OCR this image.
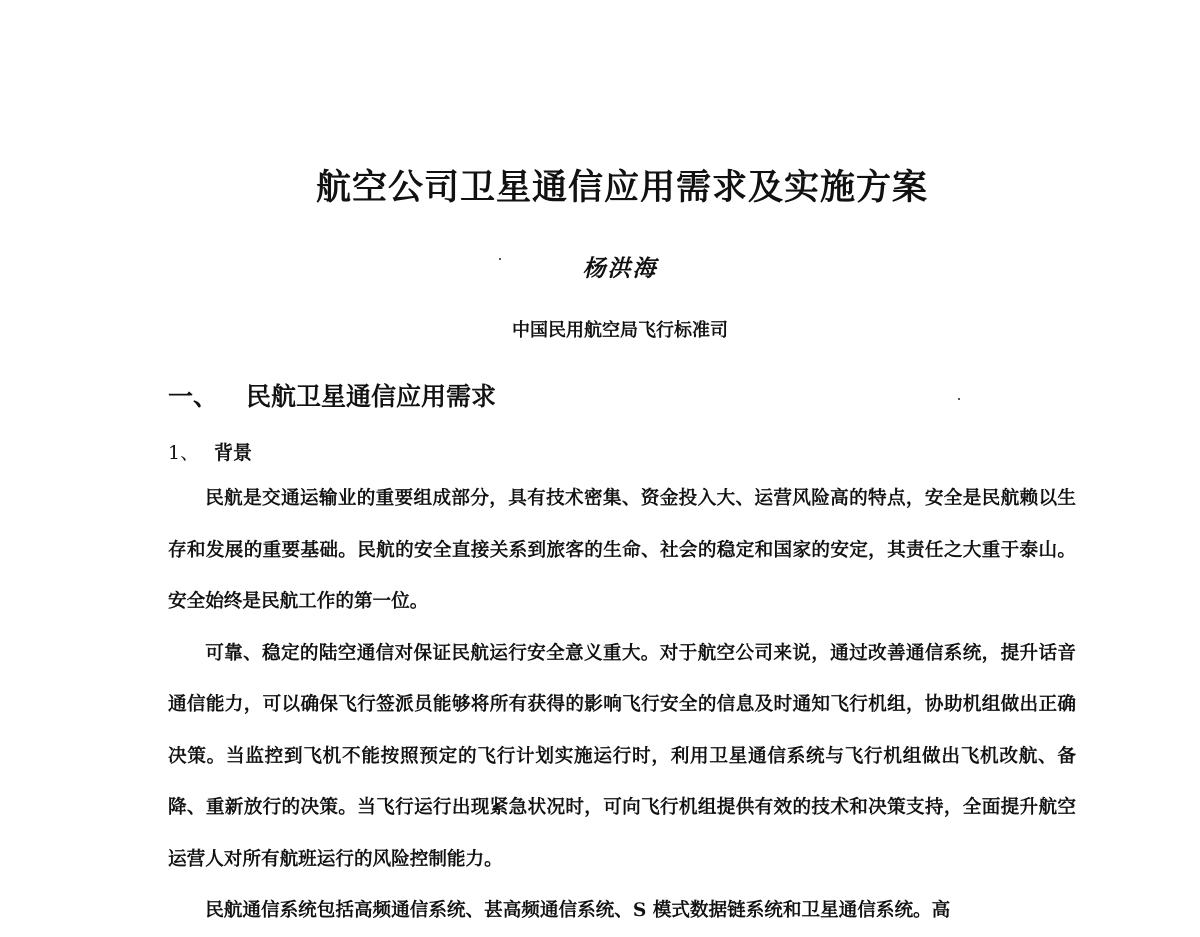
航空公司卫星通信应用需求及实施方案
杨洪海
中国民用航空局飞行标准司
一、 民航卫星通信应用需求
1、 背景

民航是交通运输业的重要组成部分，具有技术密集、资金投入大、运营风险高的特点，安全是民航赖以生存和发展的重要基础。民航的安全直接关系到旅客的生命、社会的稳定和国家的安定，其责任之大重于泰山。安全始终是民航工作的第一位。

可靠、稳定的陆空通信对保证民航运行安全意义重大。对于航空公司来说，通过改善通信系统，提升话音通信能力，可以确保飞行签派员能够将所有获得的影响飞行安全的信息及时通知飞行机组，协助机组做出正确决策。当监控到飞机不能按照预定的飞行计划实施运行时，利用卫星通信系统与飞行机组做出飞机改航、备降、重新放行的决策。当飞行运行出现紧急状况时，可向飞行机组提供有效的技术和决策支持，全面提升航空运营人对所有航班运行的风险控制能力。

民航通信系统包括高频通信系统、甚高频通信系统、S 模式数据链系统和卫星通信系统。高
